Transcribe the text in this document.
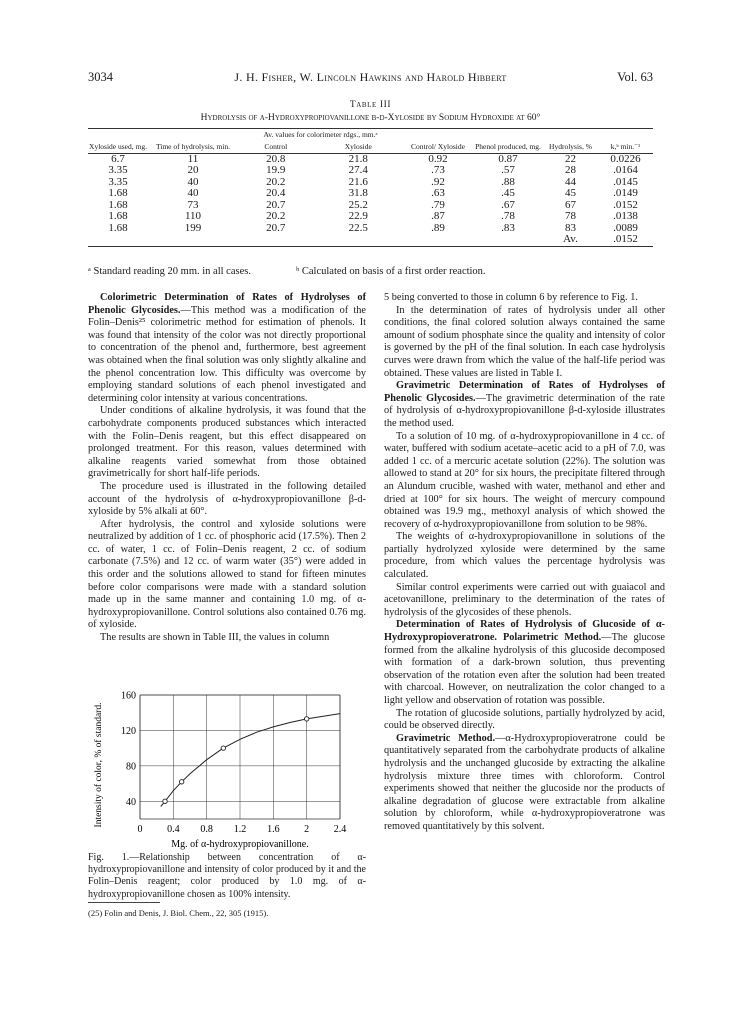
3034	J. H. Fisher, W. Lincoln Hawkins and Harold Hibbert	Vol. 63
Table III
Hydrolysis of α-Hydroxypropiovanillone β-d-Xyloside by Sodium Hydroxide at 60°
Xyloside used, mg.	Time of hydrolysis, min.	Av. values for colorimeter rdgs., mm.ᵃ		Control/ Xyloside	Phenol produced, mg.	Hydrolysis, %	k,ᵇ min.⁻¹
		Control	Xyloside				
6.7	11	20.8	21.8	0.92	0.87	22	0.0226
3.35	20	19.9	27.4	.73	.57	28	.0164
3.35	40	20.2	21.6	.92	.88	44	.0145
1.68	40	20.4	31.8	.63	.45	45	.0149
1.68	73	20.7	25.2	.79	.67	67	.0152
1.68	110	20.2	22.9	.87	.78	78	.0138
1.68	199	20.7	22.5	.89	.83	83	.0089
						Av.	.0152
ᵃ Standard reading 20 mm. in all cases.	ᵇ Calculated on basis of a first order reaction.

Colorimetric Determination of Rates of Hydrolyses of Phenolic Glycosides.—This method was a modification of the Folin–Denis²⁵ colorimetric method for estimation of phenols. It was found that intensity of the color was not directly proportional to concentration of the phenol and, furthermore, best agreement was obtained when the final solution was only slightly alkaline and the phenol concentration low. This difficulty was overcome by employing standard solutions of each phenol investigated and determining color intensity at various concentrations.

Under conditions of alkaline hydrolysis, it was found that the carbohydrate components produced substances which interacted with the Folin–Denis reagent, but this effect disappeared on prolonged treatment. For this reason, values determined with alkaline reagents varied somewhat from those obtained gravimetrically for short half-life periods.

The procedure used is illustrated in the following detailed account of the hydrolysis of α-hydroxypropiovanillone β-d-xyloside by 5% alkali at 60°.

After hydrolysis, the control and xyloside solutions were neutralized by addition of 1 cc. of phosphoric acid (17.5%). Then 2 cc. of water, 1 cc. of Folin–Denis reagent, 2 cc. of sodium carbonate (7.5%) and 12 cc. of warm water (35°) were added in this order and the solutions allowed to stand for fifteen minutes before color comparisons were made with a standard solution made up in the same manner and containing 1.0 mg. of α-hydroxypropiovanillone. Control solutions also contained 0.76 mg. of xyloside.

The results are shown in Table III, the values in column

Intensity of color, % of standard.
0 0.4 0.8 1.2 1.6 2 2.4
40
80
120
160
Mg. of α-hydroxypropiovanillone.
Fig. 1.—Relationship between concentration of α-hydroxypropiovanillone and intensity of color produced by it and the Folin–Denis reagent; color produced by 1.0 mg. of α-hydroxypropiovanillone chosen as 100% intensity.
(25) Folin and Denis, J. Biol. Chem., 22, 305 (1915).

5 being converted to those in column 6 by reference to Fig. 1.

In the determination of rates of hydrolysis under all other conditions, the final colored solution always contained the same amount of sodium phosphate since the quality and intensity of color is governed by the pH of the final solution. In each case hydrolysis curves were drawn from which the value of the half-life period was obtained. These values are listed in Table I.

Gravimetric Determination of Rates of Hydrolyses of Phenolic Glycosides.—The gravimetric determination of the rate of hydrolysis of α-hydroxypropiovanillone β-d-xyloside illustrates the method used.

To a solution of 10 mg. of α-hydroxypropiovanillone in 4 cc. of water, buffered with sodium acetate–acetic acid to a pH of 7.0, was added 1 cc. of a mercuric acetate solution (22%). The solution was allowed to stand at 20° for six hours, the precipitate filtered through an Alundum crucible, washed with water, methanol and ether and dried at 100° for six hours. The weight of mercury compound obtained was 19.9 mg., methoxyl analysis of which showed the recovery of α-hydroxypropiovanillone from solution to be 98%.

The weights of α-hydroxypropiovanillone in solutions of the partially hydrolyzed xyloside were determined by the same procedure, from which values the percentage hydrolysis was calculated.

Similar control experiments were carried out with guaiacol and acetovanillone, preliminary to the determination of the rates of hydrolysis of the glycosides of these phenols.

Determination of Rates of Hydrolysis of Glucoside of α-Hydroxypropioveratrone. Polarimetric Method.—The glucose formed from the alkaline hydrolysis of this glucoside decomposed with formation of a dark-brown solution, thus preventing observation of the rotation even after the solution had been treated with charcoal. However, on neutralization the color changed to a light yellow and observation of rotation was possible.

The rotation of glucoside solutions, partially hydrolyzed by acid, could be observed directly.

Gravimetric Method.—α-Hydroxypropioveratrone could be quantitatively separated from the carbohydrate products of alkaline hydrolysis and the unchanged glucoside by extracting the alkaline hydrolysis mixture three times with chloroform. Control experiments showed that neither the glucoside nor the products of alkaline degradation of glucose were extractable from alkaline solution by chloroform, while α-hydroxypropioveratrone was removed quantitatively by this solvent.
